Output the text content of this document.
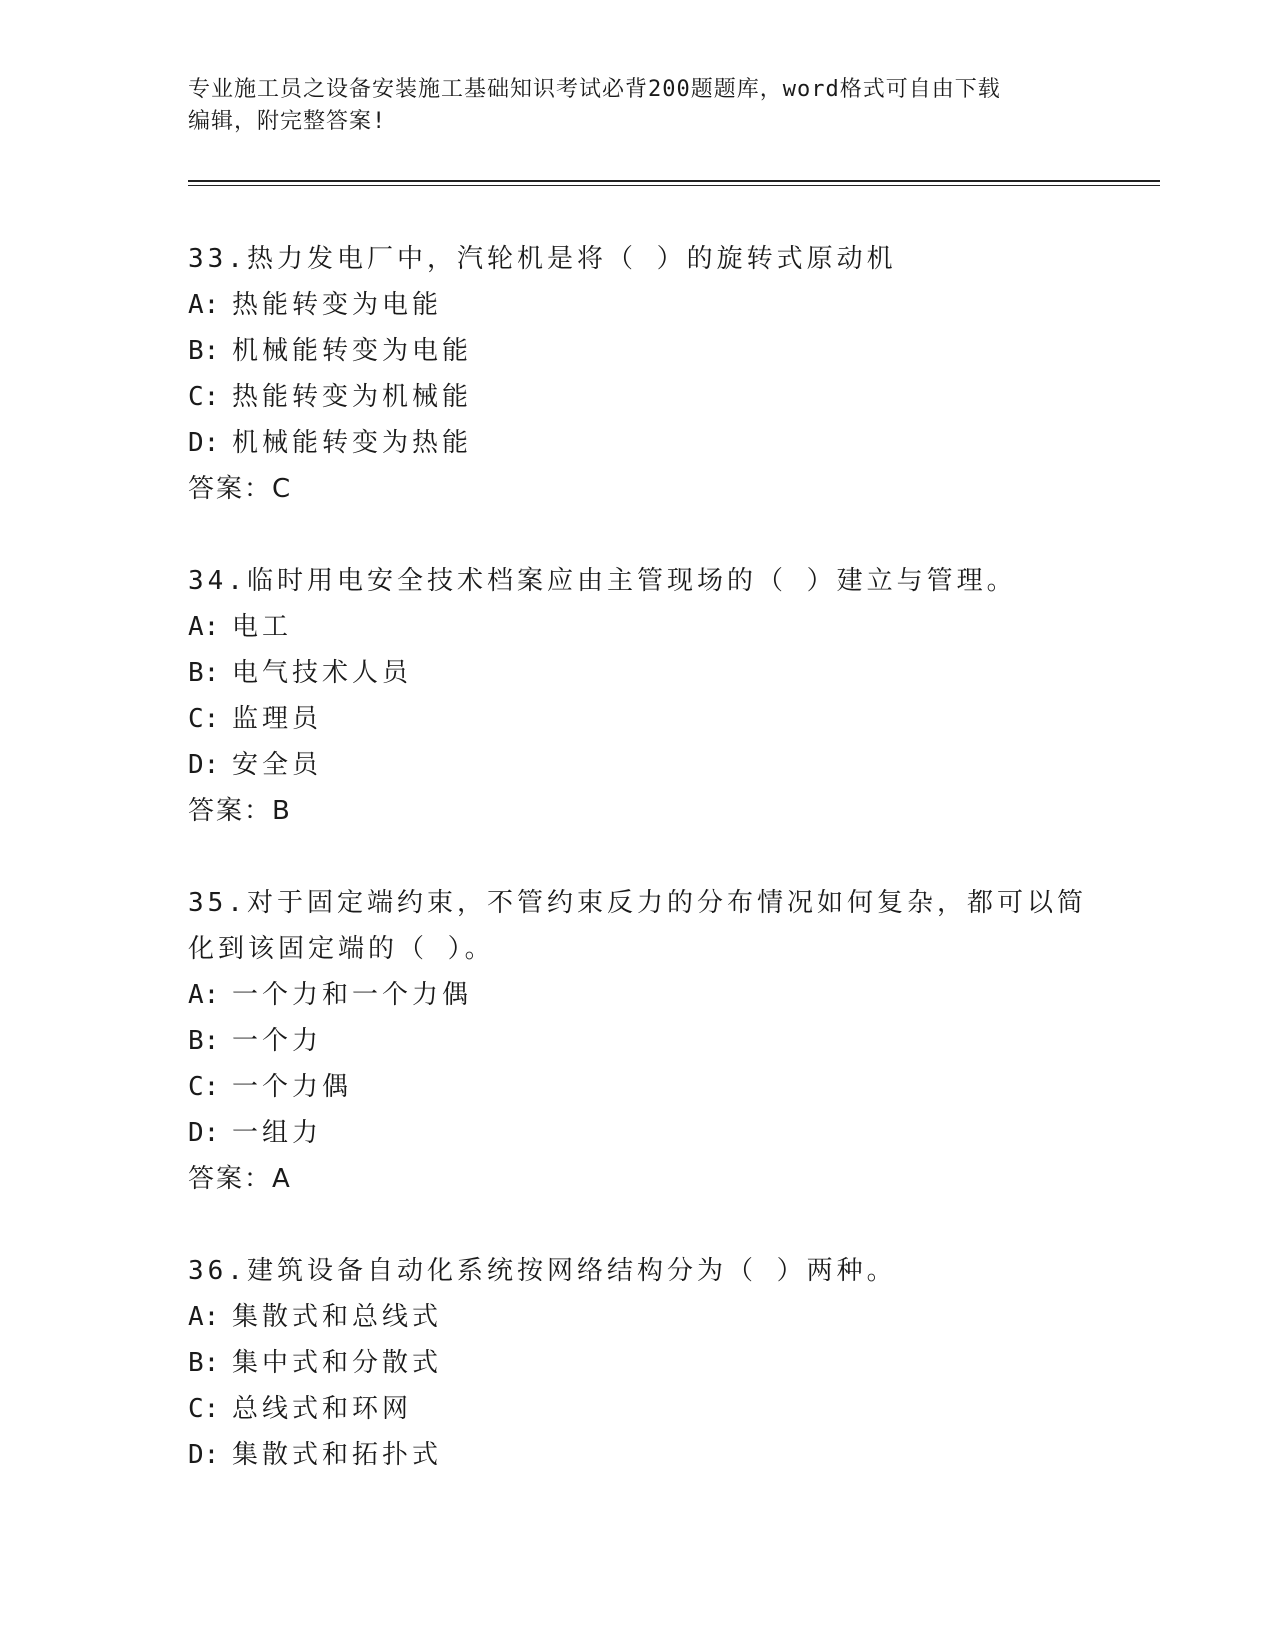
专业施工员之设备安装施工基础知识考试必背200题题库，word格式可自由下载
编辑，附完整答案!
33.热力发电厂中，汽轮机是将（ ）的旋转式原动机
A: 热能转变为电能
B: 机械能转变为电能
C: 热能转变为机械能
D: 机械能转变为热能
答案：C
34.临时用电安全技术档案应由主管现场的（ ）建立与管理。
A: 电工
B: 电气技术人员
C: 监理员
D: 安全员
答案：B
35.对于固定端约束，不管约束反力的分布情况如何复杂，都可以简化到该固定端的（ ）。
A: 一个力和一个力偶
B: 一个力
C: 一个力偶
D: 一组力
答案：A
36.建筑设备自动化系统按网络结构分为（ ）两种。
A: 集散式和总线式
B: 集中式和分散式
C: 总线式和环网
D: 集散式和拓扑式
